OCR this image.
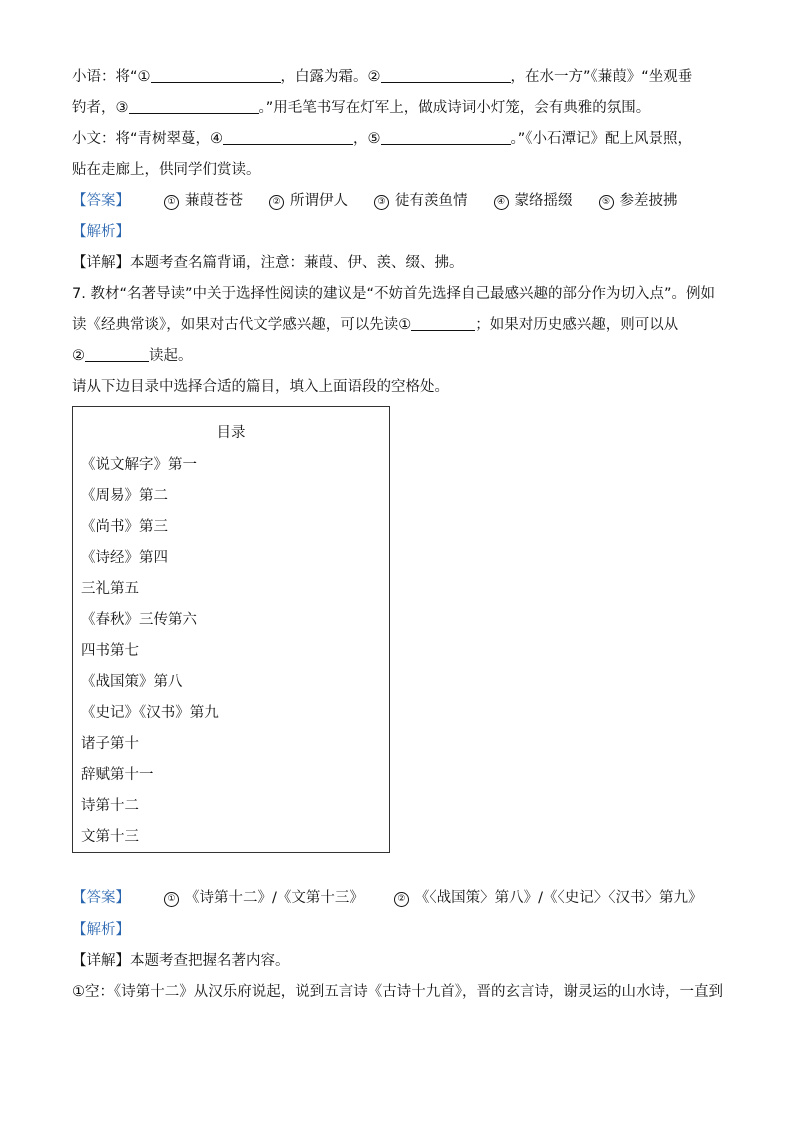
小语：将“①	，白露为霜。②	，在水一方”《蒹葭》“坐观垂
钓者，③	。”用毛笔书写在灯军上，做成诗词小灯笼，会有典雅的氛围。
小文：将“青树翠蔓，④	，⑤	。”《小石潭记》配上风景照，
贴在走廊上，供同学们赏读。
【答案】	① 蒹葭苍苍	② 所谓伊人	③ 徒有羡鱼情	④ 蒙络摇缀	⑤ 参差披拂
【解析】
【详解】本题考查名篇背诵，注意：蒹葭、伊、羡、缀、拂。
7. 教材“名著导读”中关于选择性阅读的建议是“不妨首先选择自己最感兴趣的部分作为切入点”。例如
读《经典常谈》，如果对古代文学感兴趣，可以先读①	；如果对历史感兴趣，则可以从
②	读起。
请从下边目录中选择合适的篇目，填入上面语段的空格处。
目录
《说文解字》第一
《周易》第二
《尚书》第三
《诗经》第四
三礼第五
《春秋》三传第六
四书第七
《战国策》第八
《史记》《汉书》第九
诸子第十
辞赋第十一
诗第十二
文第十三
【答案】	① 《诗第十二》/《文第十三》	② 《〈战国策〉第八》/《〈史记〉〈汉书〉第九》
【解析】
【详解】本题考查把握名著内容。
①空：《诗第十二》从汉乐府说起，说到五言诗《古诗十九首》，晋的玄言诗，谢灵运的山水诗，一直到
